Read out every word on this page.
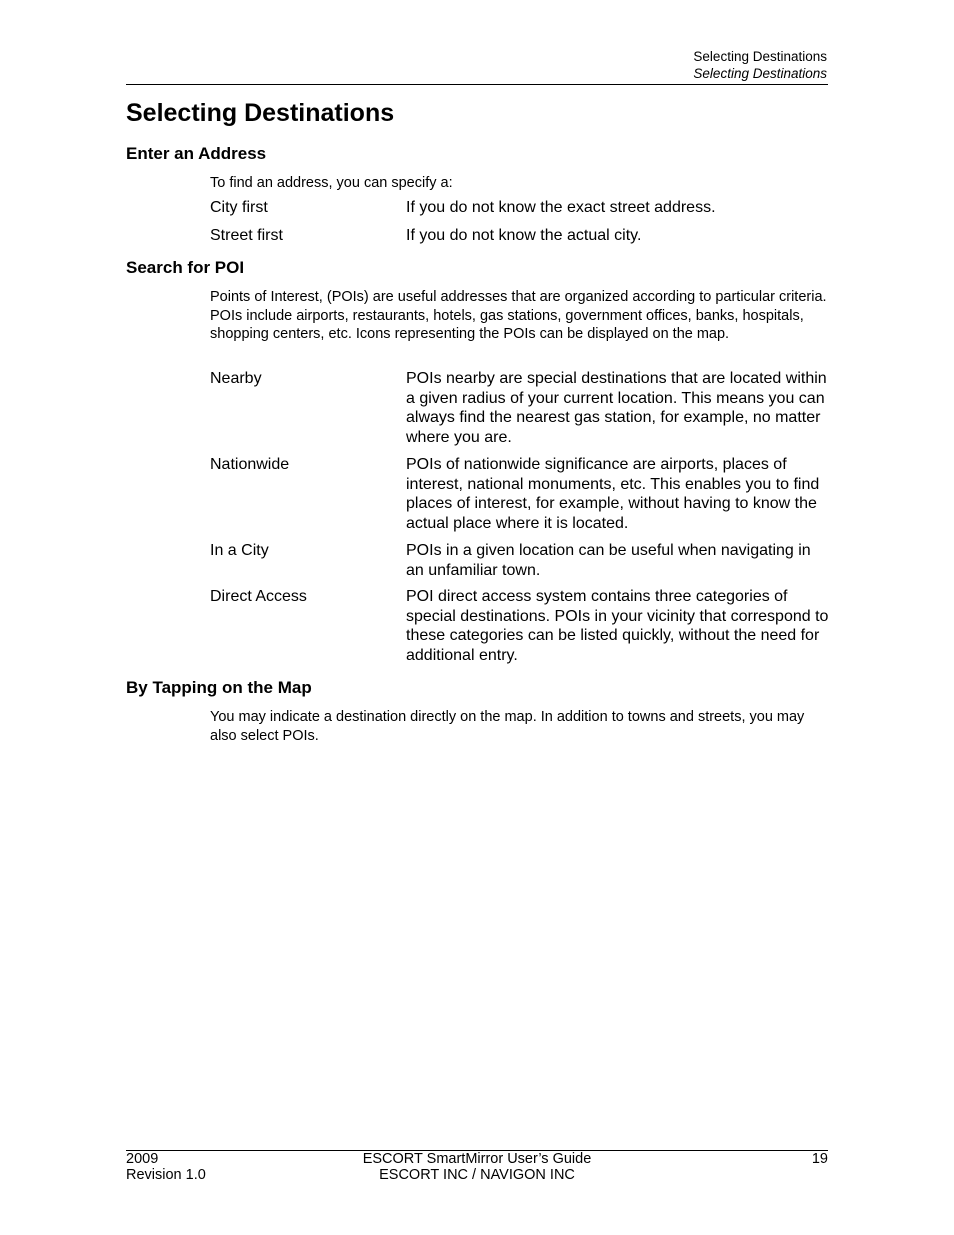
Selecting Destinations
Selecting Destinations
Selecting Destinations
Enter an Address

To find an address, you can specify a:

City first	If you do not know the exact street address.
Street first	If you do not know the actual city.
Search for POI

Points of Interest, (POIs) are useful addresses that are organized according to particular criteria. POIs include airports, restaurants, hotels, gas stations, government offices, banks, hospitals, shopping centers, etc. Icons representing the POIs can be displayed on the map.

Nearby	POIs nearby are special destinations that are located within a given radius of your current location. This means you can always find the nearest gas station, for example, no matter where you are.
Nationwide	POIs of nationwide significance are airports, places of interest, national monuments, etc. This enables you to find places of interest, for example, without having to know the actual place where it is located.
In a City	POIs in a given location can be useful when navigating in an unfamiliar town.
Direct Access	POI direct access system contains three categories of special destinations. POIs in your vicinity that correspond to these categories can be listed quickly, without the need for additional entry.
By Tapping on the Map

You may indicate a destination directly on the map. In addition to towns and streets, you may also select POIs.

2009
Revision 1.0
ESCORT SmartMirror User’s Guide
ESCORT INC / NAVIGON INC
19
